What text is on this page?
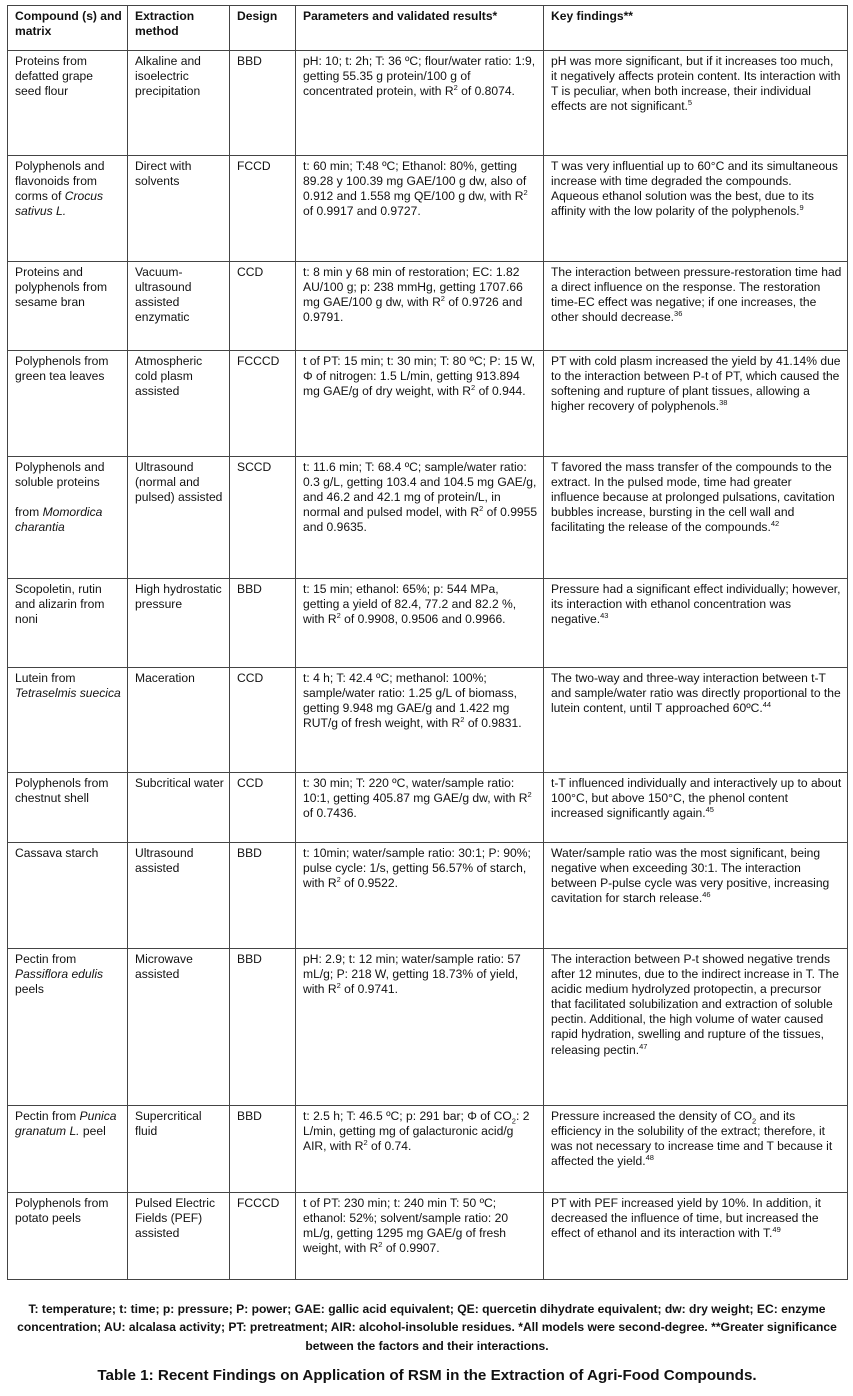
Compound (s) and matrix	Extraction method	Design	Parameters and validated results*	Key findings**
Proteins from defatted grape seed flour	Alkaline and isoelectric precipitation	BBD	pH: 10; t: 2h; T: 36 ºC; flour/water ratio: 1:9, getting 55.35 g protein/100 g of concentrated protein, with $R^2$ of 0.8074.	pH was more significant, but if it increases too much, it negatively affects protein content. Its interaction with T is peculiar, when both increase, their individual effects are not significant.$^5$
Polyphenols and flavonoids from corms of Crocus sativus L.	Direct with solvents	FCCD	t: 60 min; T:48 ºC; Ethanol: 80%, getting 89.28 y 100.39 mg GAE/100 g dw, also of 0.912 and 1.558 mg QE/100 g dw, with $R^2$ of 0.9917 and 0.9727.	T was very influential up to 60°C and its simultaneous increase with time degraded the compounds. Aqueous ethanol solution was the best, due to its affinity with the low polarity of the polyphenols.$^9$
Proteins and polyphenols from sesame bran	Vacuum-ultrasound assisted enzymatic	CCD	t: 8 min y 68 min of restoration; EC: 1.82 AU/100 g; p: 238 mmHg, getting 1707.66 mg GAE/100 g dw, with $R^2$ of 0.9726 and 0.9791.	The interaction between pressure-restoration time had a direct influence on the response. The restoration time-EC effect was negative; if one increases, the other should decrease.$^{36}$
Polyphenols from green tea leaves	Atmospheric cold plasm assisted	FCCCD	t of PT: 15 min; t: 30 min; T: 80 ºC; P: 15 W, Φ of nitrogen: 1.5 L/min, getting 913.894 mg GAE/g of dry weight, with $R^2$ of 0.944.	PT with cold plasm increased the yield by 41.14% due to the interaction between P-t of PT, which caused the softening and rupture of plant tissues, allowing a higher recovery of polyphenols.$^{38}$
Polyphenols and soluble proteins
from Momordica charantia	Ultrasound (normal and pulsed) assisted	SCCD	t: 11.6 min; T: 68.4 ºC; sample/water ratio: 0.3 g/L, getting 103.4 and 104.5 mg GAE/g, and 46.2 and 42.1 mg of protein/L, in normal and pulsed model, with $R^2$ of 0.9955 and 0.9635.	T favored the mass transfer of the compounds to the extract. In the pulsed mode, time had greater influence because at prolonged pulsations, cavitation bubbles increase, bursting in the cell wall and facilitating the release of the compounds.$^{42}$
Scopoletin, rutin and alizarin from noni	High hydrostatic pressure	BBD	t: 15 min; ethanol: 65%; p: 544 MPa, getting a yield of 82.4, 77.2 and 82.2 %, with $R^2$ of 0.9908, 0.9506 and 0.9966.	Pressure had a significant effect individually; however, its interaction with ethanol concentration was negative.$^{43}$
Lutein from Tetraselmis suecica	Maceration	CCD	t: 4 h; T: 42.4 ºC; methanol: 100%; sample/water ratio: 1.25 g/L of biomass, getting 9.948 mg GAE/g and 1.422 mg RUT/g of fresh weight, with $R^2$ of 0.9831.	The two-way and three-way interaction between t-T and sample/water ratio was directly proportional to the lutein content, until T approached 60ºC.$^{44}$
Polyphenols from chestnut shell	Subcritical water	CCD	t: 30 min; T: 220 ºC, water/sample ratio: 10:1, getting 405.87 mg GAE/g dw, with $R^2$ of 0.7436.	t-T influenced individually and interactively up to about 100°C, but above 150°C, the phenol content increased significantly again.$^{45}$
Cassava starch	Ultrasound assisted	BBD	t: 10min; water/sample ratio: 30:1; P: 90%; pulse cycle: 1/s, getting 56.57% of starch, with $R^2$ of 0.9522.	Water/sample ratio was the most significant, being negative when exceeding 30:1. The interaction between P-pulse cycle was very positive, increasing cavitation for starch release.$^{46}$
Pectin from Passiflora edulis peels	Microwave assisted	BBD	pH: 2.9; t: 12 min; water/sample ratio: 57 mL/g; P: 218 W, getting 18.73% of yield, with $R^2$ of 0.9741.	The interaction between P-t showed negative trends after 12 minutes, due to the indirect increase in T. The acidic medium hydrolyzed protopectin, a precursor that facilitated solubilization and extraction of soluble pectin. Additional, the high volume of water caused rapid hydration, swelling and rupture of the tissues, releasing pectin.$^{47}$
Pectin from Punica granatum L. peel	Supercritical fluid	BBD	t: 2.5 h; T: 46.5 ºC; p: 291 bar; Φ of $CO_2$: 2 L/min, getting mg of galacturonic acid/g AIR, with $R^2$ of 0.74.	Pressure increased the density of $CO_2$ and its efficiency in the solubility of the extract; therefore, it was not necessary to increase time and T because it affected the yield.$^{48}$
Polyphenols from potato peels	Pulsed Electric Fields (PEF) assisted	FCCCD	t of PT: 230 min; t: 240 min T: 50 ºC; ethanol: 52%; solvent/sample ratio: 20 mL/g, getting 1295 mg GAE/g of fresh weight, with $R^2$ of 0.9907.	PT with PEF increased yield by 10%. In addition, it decreased the influence of time, but increased the effect of ethanol and its interaction with T.$^{49}$
T: temperature; t: time; p: pressure; P: power; GAE: gallic acid equivalent; QE: quercetin dihydrate equivalent; dw: dry weight; EC: enzyme concentration; AU: alcalasa activity; PT: pretreatment; AIR: alcohol-insoluble residues. *All models were second-degree. **Greater significance between the factors and their interactions.
Table 1: Recent Findings on Application of RSM in the Extraction of Agri-Food Compounds.
